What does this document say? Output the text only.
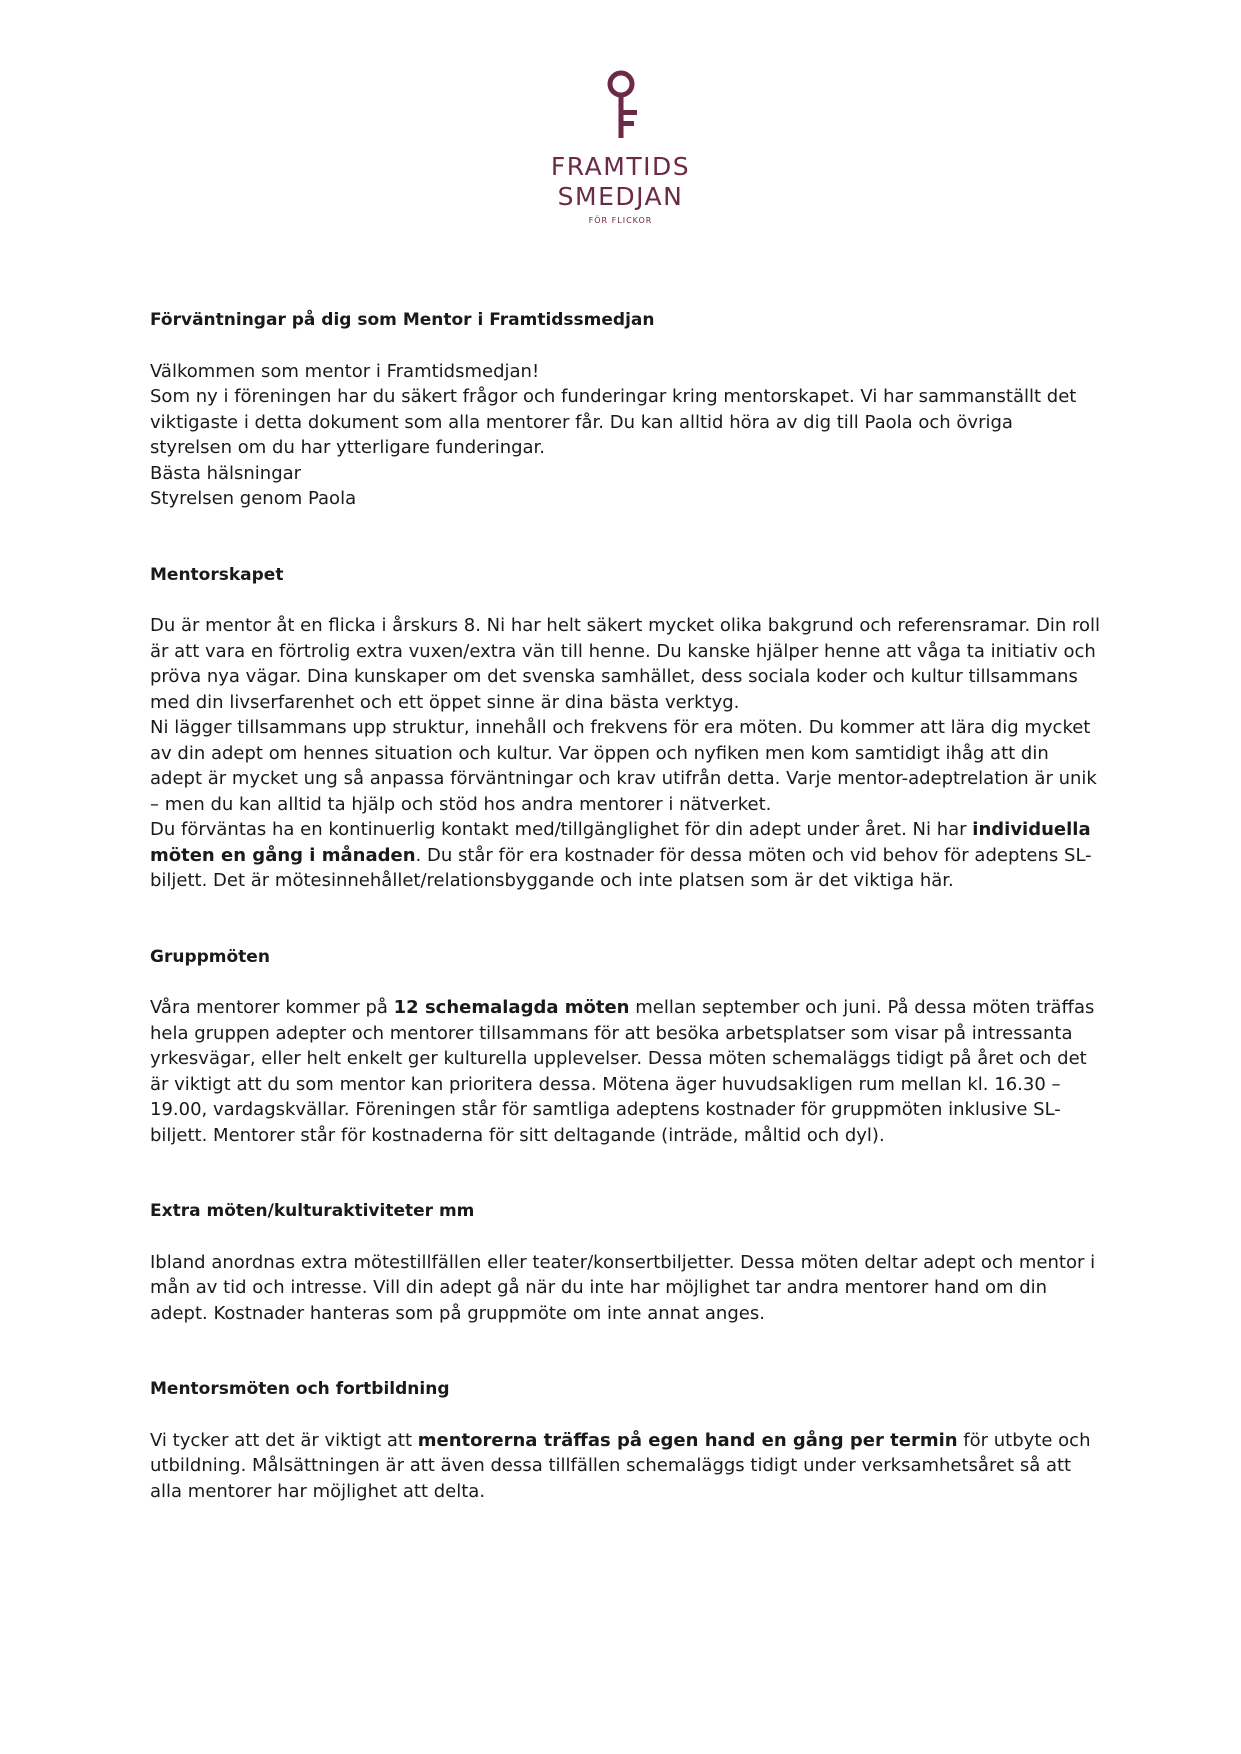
FRAMTIDS
SMEDJAN
FÖR FLICKOR

Förväntningar på dig som Mentor i Framtidssmedjan

Välkommen som mentor i Framtidsmedjan!

Som ny i föreningen har du säkert frågor och funderingar kring mentorskapet. Vi har sammanställt det viktigaste i detta dokument som alla mentorer får. Du kan alltid höra av dig till Paola och övriga styrelsen om du har ytterligare funderingar.

Bästa hälsningar

Styrelsen genom Paola

Mentorskapet

Du är mentor åt en flicka i årskurs 8. Ni har helt säkert mycket olika bakgrund och referensramar. Din roll är att vara en förtrolig extra vuxen/extra vän till henne. Du kanske hjälper henne att våga ta initiativ och pröva nya vägar. Dina kunskaper om det svenska samhället, dess sociala koder och kultur tillsammans med din livserfarenhet och ett öppet sinne är dina bästa verktyg.

Ni lägger tillsammans upp struktur, innehåll och frekvens för era möten. Du kommer att lära dig mycket av din adept om hennes situation och kultur. Var öppen och nyfiken men kom samtidigt ihåg att din adept är mycket ung så anpassa förväntningar och krav utifrån detta. Varje mentor-adeptrelation är unik – men du kan alltid ta hjälp och stöd hos andra mentorer i nätverket.

Du förväntas ha en kontinuerlig kontakt med/tillgänglighet för din adept under året. Ni har individuella möten en gång i månaden. Du står för era kostnader för dessa möten och vid behov för adeptens SL-biljett. Det är mötesinnehållet/relationsbyggande och inte platsen som är det viktiga här.

Gruppmöten

Våra mentorer kommer på 12 schemalagda möten mellan september och juni. På dessa möten träffas hela gruppen adepter och mentorer tillsammans för att besöka arbetsplatser som visar på intressanta yrkesvägar, eller helt enkelt ger kulturella upplevelser. Dessa möten schemaläggs tidigt på året och det är viktigt att du som mentor kan prioritera dessa. Mötena äger huvudsakligen rum mellan kl. 16.30 – 19.00, vardagskvällar. Föreningen står för samtliga adeptens kostnader för gruppmöten inklusive SL-biljett. Mentorer står för kostnaderna för sitt deltagande (inträde, måltid och dyl).

Extra möten/kulturaktiviteter mm

Ibland anordnas extra mötestillfällen eller teater/konsertbiljetter. Dessa möten deltar adept och mentor i mån av tid och intresse. Vill din adept gå när du inte har möjlighet tar andra mentorer hand om din adept. Kostnader hanteras som på gruppmöte om inte annat anges.

Mentorsmöten och fortbildning

Vi tycker att det är viktigt att mentorerna träffas på egen hand en gång per termin för utbyte och utbildning. Målsättningen är att även dessa tillfällen schemaläggs tidigt under verksamhetsåret så att alla mentorer har möjlighet att delta.
